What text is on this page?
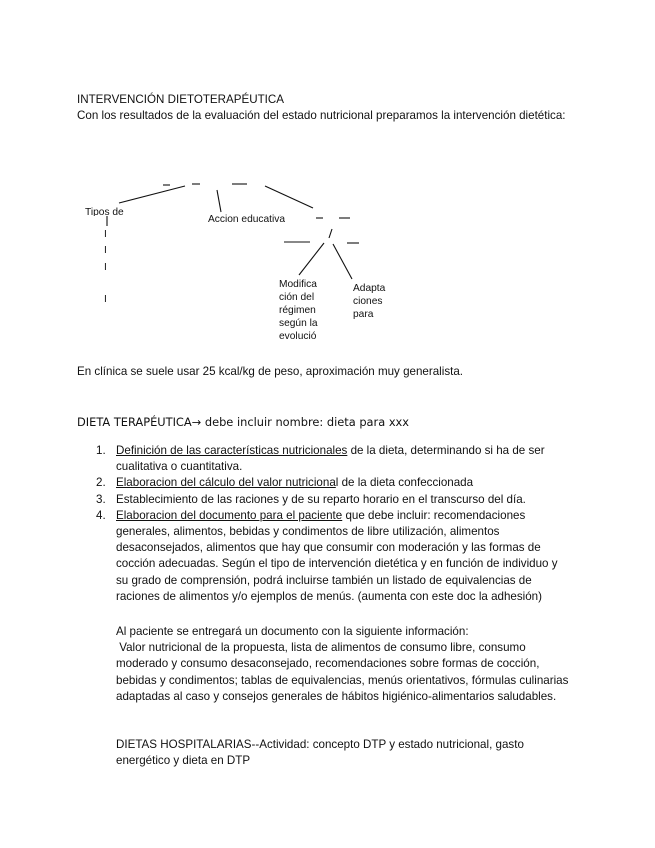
INTERVENCIÓN DIETOTERAPÉUTICA
Con los resultados de la evaluación del estado nutricional preparamos la intervención dietética:
Tipos de
Accion educativa
I
I
I
I
Modifica
ción del
régimen
según la
evolució
Adapta
ciones
para
En clínica se suele usar 25 kcal/kg de peso, aproximación muy generalista.
DIETA TERAPÉUTICA→ debe incluir nombre: dieta para xxx
1. Definición de las características nutricionales de la dieta, determinando si ha de ser
cualitativa o cuantitativa.
2. Elaboracion del cálculo del valor nutricional de la dieta confeccionada
3. Establecimiento de las raciones y de su reparto horario en el transcurso del día.
4. Elaboracion del documento para el paciente que debe incluir: recomendaciones
generales, alimentos, bebidas y condimentos de libre utilización, alimentos
desaconsejados, alimentos que hay que consumir con moderación y las formas de
cocción adecuadas. Según el tipo de intervención dietética y en función de individuo y
su grado de comprensión, podrá incluirse también un listado de equivalencias de
raciones de alimentos y/o ejemplos de menús. (aumenta con este doc la adhesión)
Al paciente se entregará un documento con la siguiente información:
Valor nutricional de la propuesta, lista de alimentos de consumo libre, consumo
moderado y consumo desaconsejado, recomendaciones sobre formas de cocción,
bebidas y condimentos; tablas de equivalencias, menús orientativos, fórmulas culinarias
adaptadas al caso y consejos generales de hábitos higiénico-alimentarios saludables.
DIETAS HOSPITALARIAS--Actividad: concepto DTP y estado nutricional, gasto
energético y dieta en DTP
